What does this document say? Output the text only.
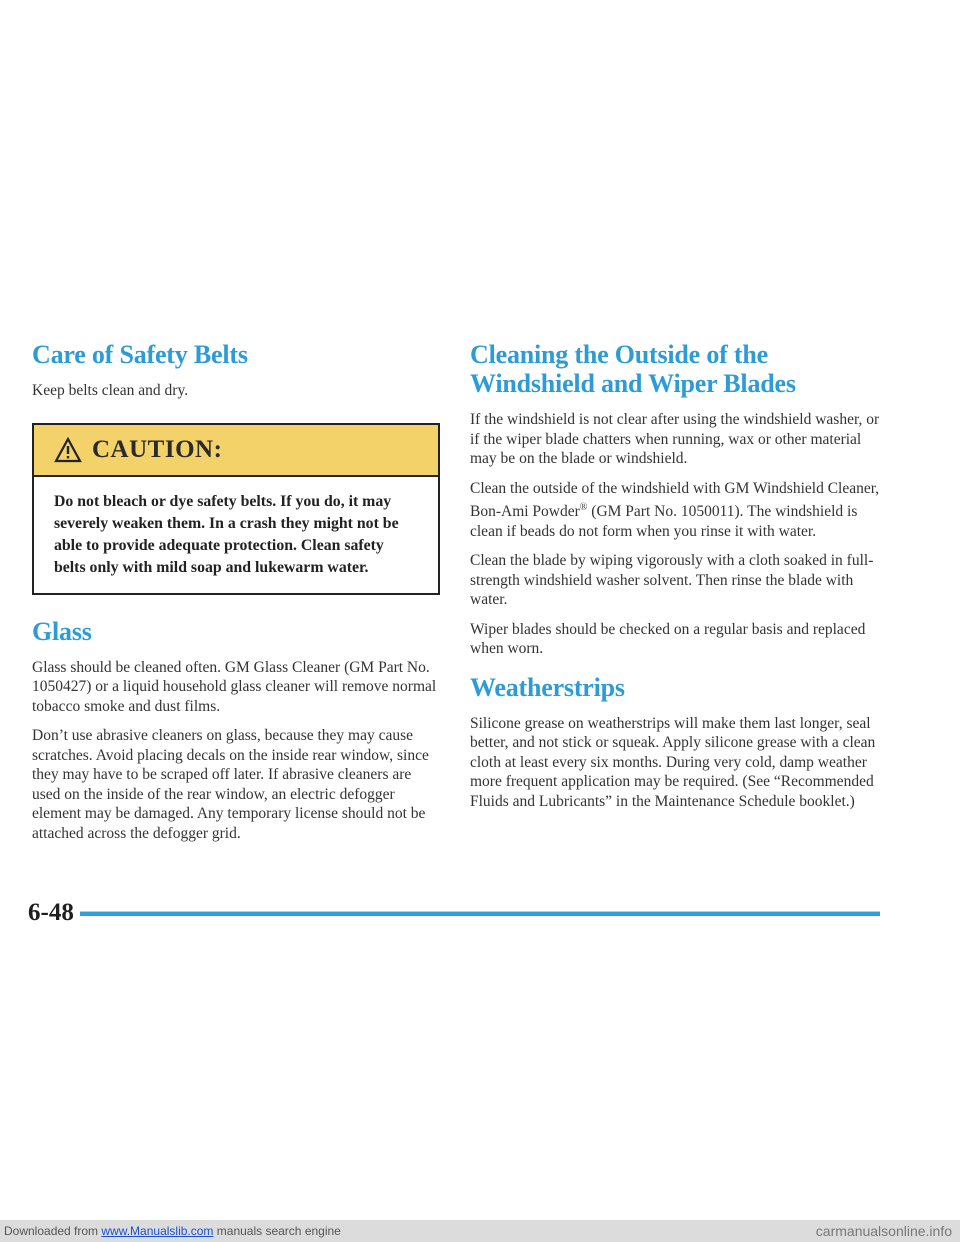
Care of Safety Belts

Keep belts clean and dry.

CAUTION:
Do not bleach or dye safety belts. If you do, it may severely weaken them. In a crash they might not be able to provide adequate protection. Clean safety belts only with mild soap and lukewarm water.
Glass

Glass should be cleaned often. GM Glass Cleaner (GM Part No. 1050427) or a liquid household glass cleaner will remove normal tobacco smoke and dust films.

Don’t use abrasive cleaners on glass, because they may cause scratches. Avoid placing decals on the inside rear window, since they may have to be scraped off later. If abrasive cleaners are used on the inside of the rear window, an electric defogger element may be damaged. Any temporary license should not be attached across the defogger grid.

Cleaning the Outside of the
Windshield and Wiper Blades

If the windshield is not clear after using the windshield washer, or if the wiper blade chatters when running, wax or other material may be on the blade or windshield.

Clean the outside of the windshield with GM Windshield Cleaner, Bon-Ami Powder® (GM Part No. 1050011). The windshield is clean if beads do not form when you rinse it with water.

Clean the blade by wiping vigorously with a cloth soaked in full-strength windshield washer solvent. Then rinse the blade with water.

Wiper blades should be checked on a regular basis and replaced when worn.

Weatherstrips

Silicone grease on weatherstrips will make them last longer, seal better, and not stick or squeak. Apply silicone grease with a clean cloth at least every six months. During very cold, damp weather more frequent application may be required. (See “Recommended Fluids and Lubricants” in the Maintenance Schedule booklet.)

6-48
Downloaded from www.Manualslib.com manuals search engine	carmanualsonline.info
